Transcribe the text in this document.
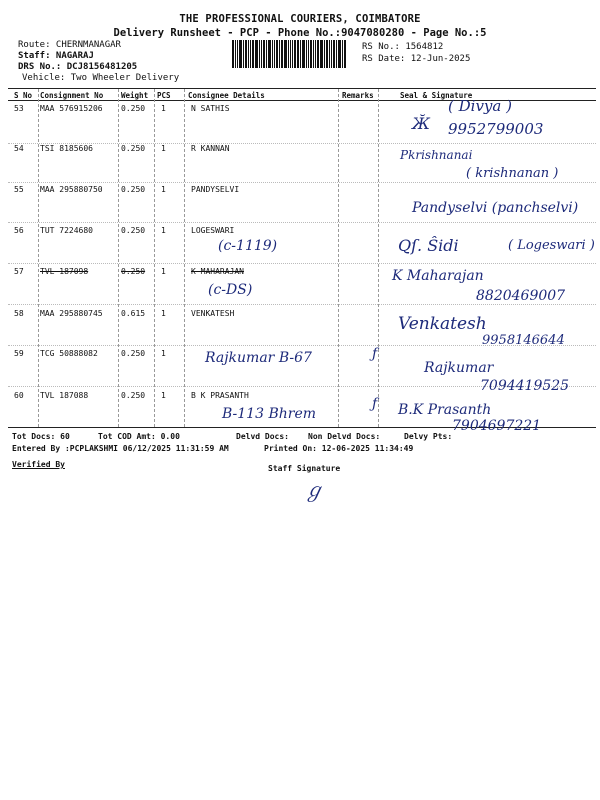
THE PROFESSIONAL COURIERS, COIMBATORE
Delivery Runsheet - PCP - Phone No.:9047080280 - Page No.:5
Route: CHERNMANAGAR
Staff: NAGARAJ
DRS No.: DCJ8156481205
Vehicle: Two Wheeler Delivery
RS No.: 1564812
RS Date: 12-Jun-2025
S No Consignment No Weight PCS Consignee Details	Remarks	Seal & Signature
53 MAA 576915206 0.250 1	N SATHIS	( Divya )
9952799003
Ӂ
54 TSI 8185606	0.250 1	R KANNAN	Pkrishnanai
( krishnanan )
55 MAA 295880750 0.250 1	PANDYSELVI
Pandyselvi (panchselvi)
56 TUT 7224680	0.250 1	LOGESWARI
(c-1119)	Qſ. Ŝidi	( Logeswari )
57 TVL 187098	0.250 1	K MAHARAJAN
(c-DS)
K Maharajan
8820469007
58 MAA 295880745 0.615 1	VENKATESH
Venkatesh
9958146644
59 TCG 50888082	0.250 1	Rajkumar B-67	ƒ
Rajkumar
7094419525
60 TVL 187088	0.250 1	B K PRASANTH
B-113 Bhrem
ƒ B.K Prasanth
7904697221
Tot Docs: 60	Tot COD Amt: 0.00	Delvd Docs: Non Delvd Docs:	Delvy Pts:
Entered By :PCPLAKSHMI 06/12/2025 11:31:59 AM	Printed On: 12-06-2025 11:34:49
Verified By	Staff Signature
ℊ
